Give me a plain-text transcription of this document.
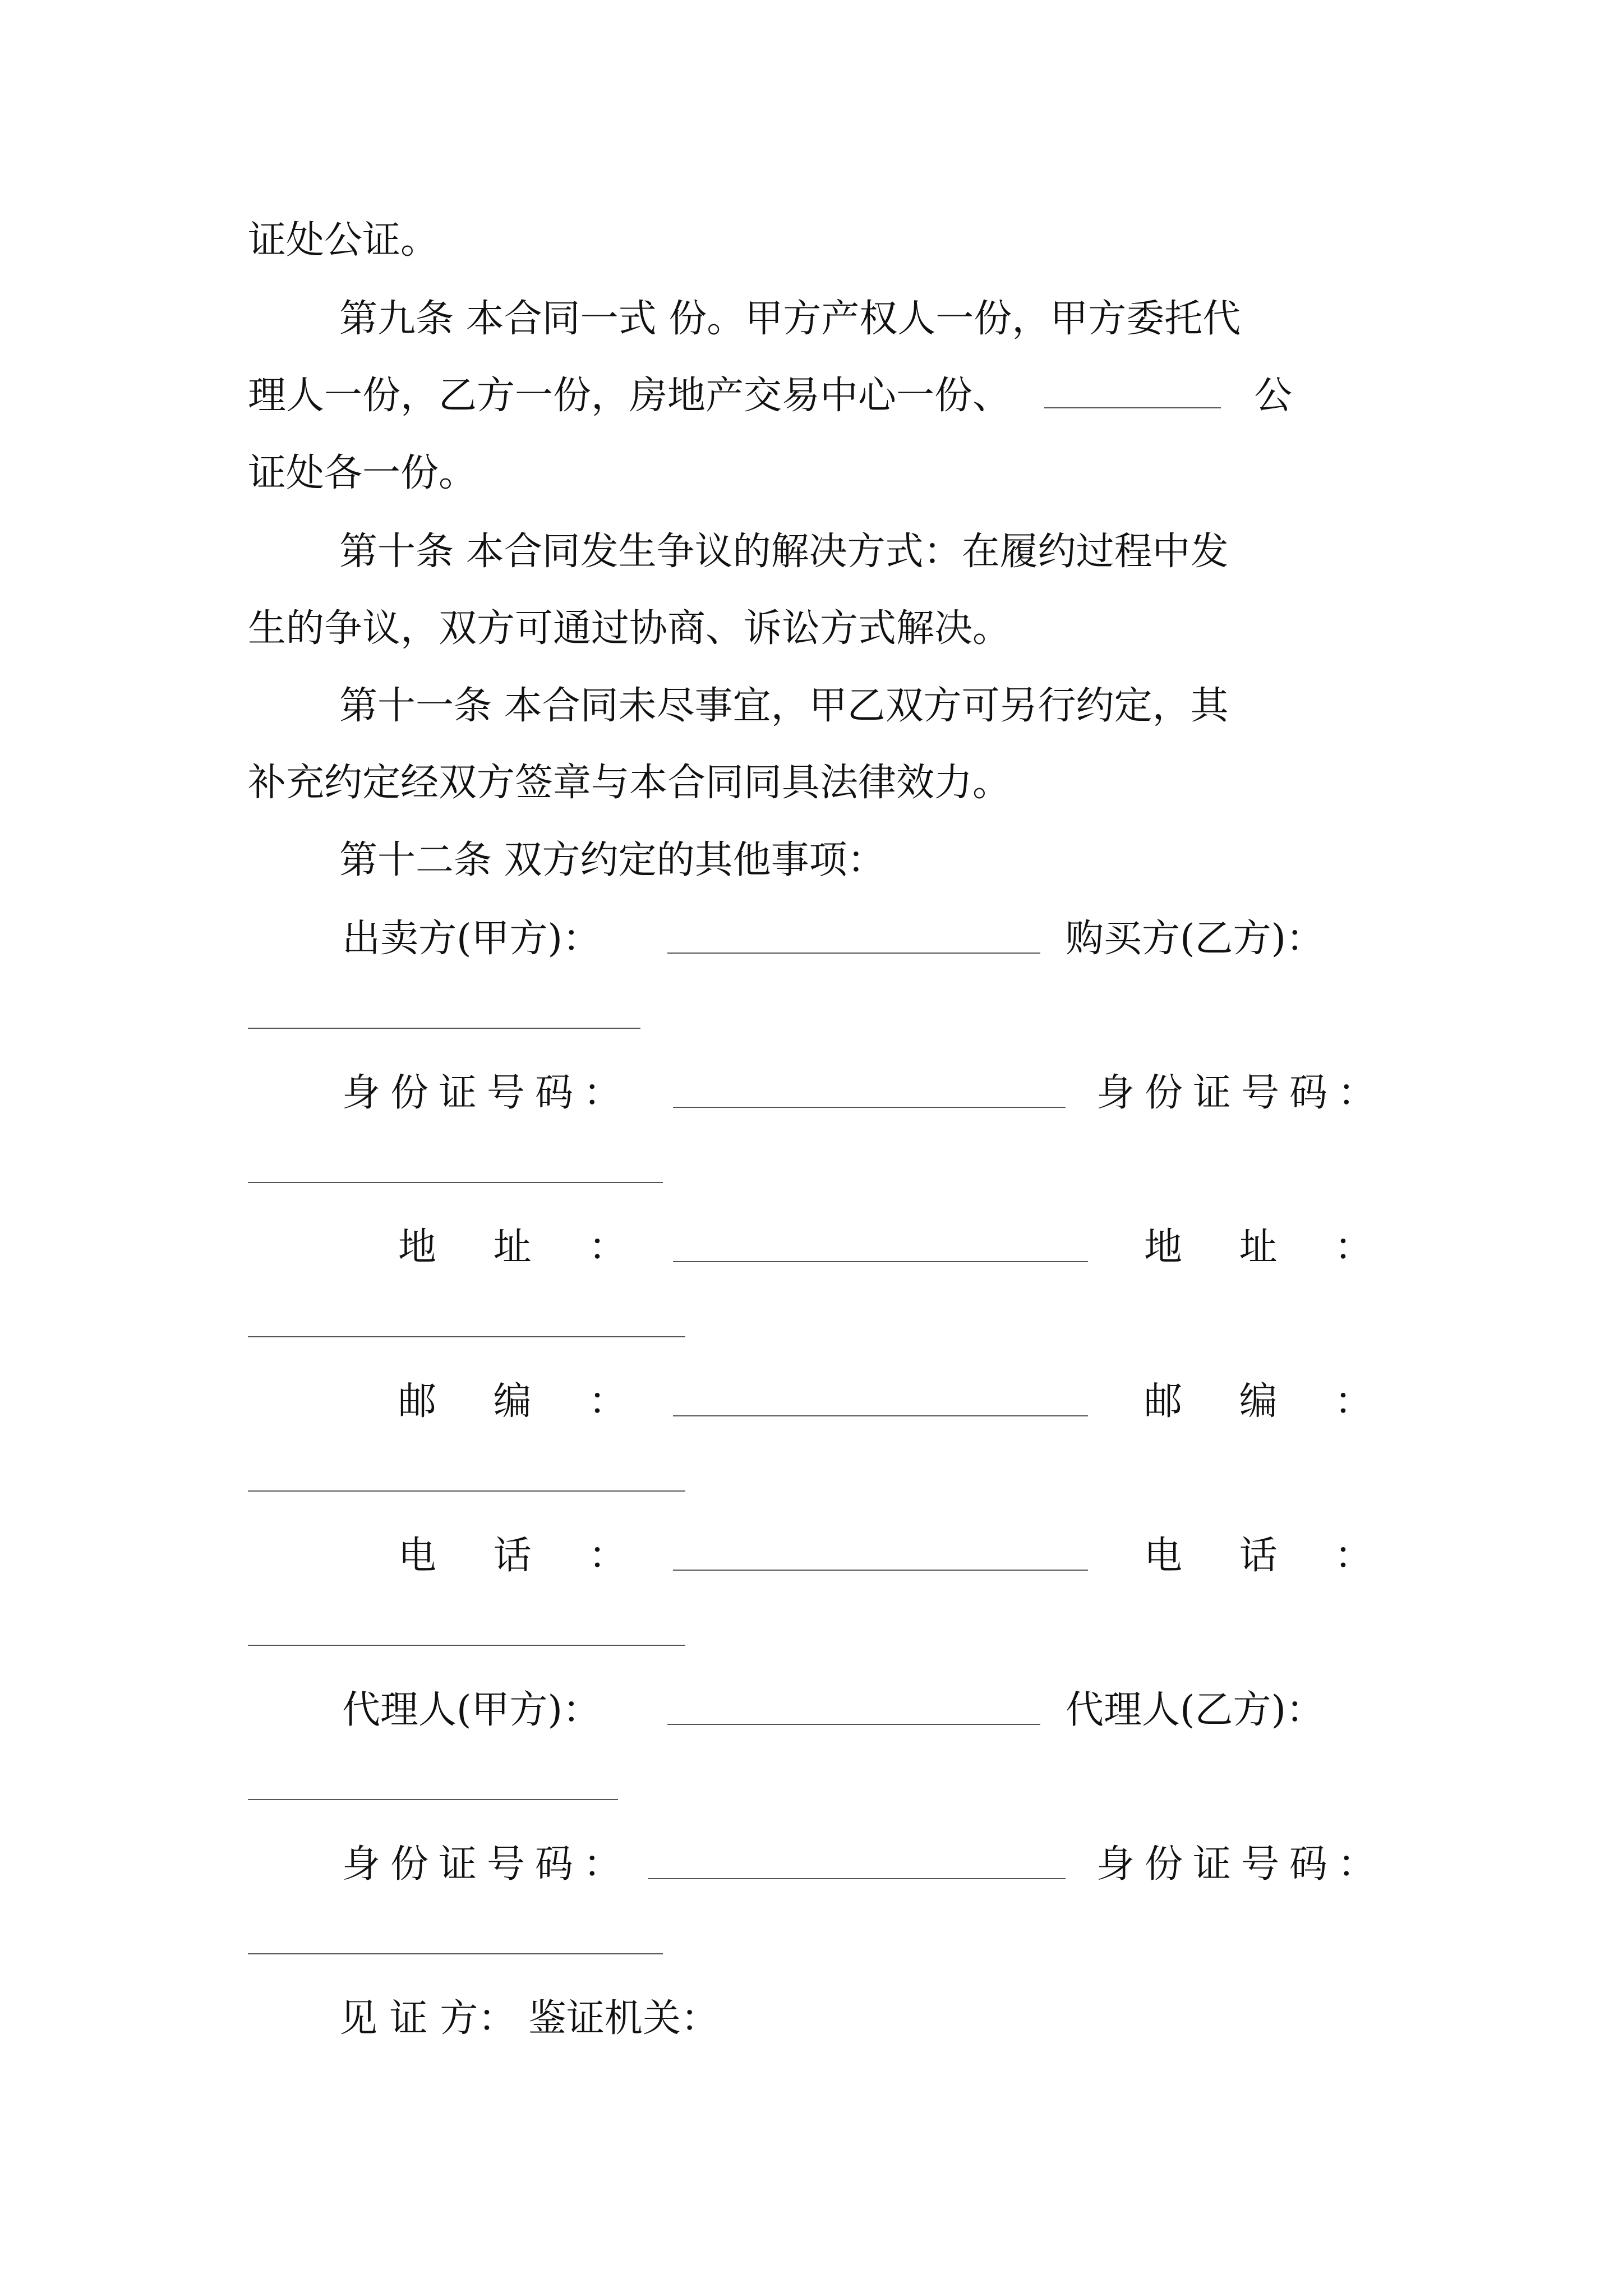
证处公证。
第九条 本合同一式 份。甲方产权人一份，甲方委托代
理人一份，乙方一份，房地产交易中心一份、	公
证处各一份。
第十条 本合同发生争议的解决方式：在履约过程中发
生的争议，双方可通过协商、诉讼方式解决。
第十一条 本合同未尽事宜，甲乙双方可另行约定，其
补充约定经双方签章与本合同同具法律效力。
第十二条 双方约定的其他事项：
出卖方(甲方)：	购买方(乙方)：
身份证号码：	身份证号码：
地 址 ：	地 址 ：
邮 编 ：	邮 编 ：
电 话 ：	电 话 ：
代理人(甲方)：	代理人(乙方)：
身份证号码：	身份证号码：
见 证 方： 鉴证机关：
